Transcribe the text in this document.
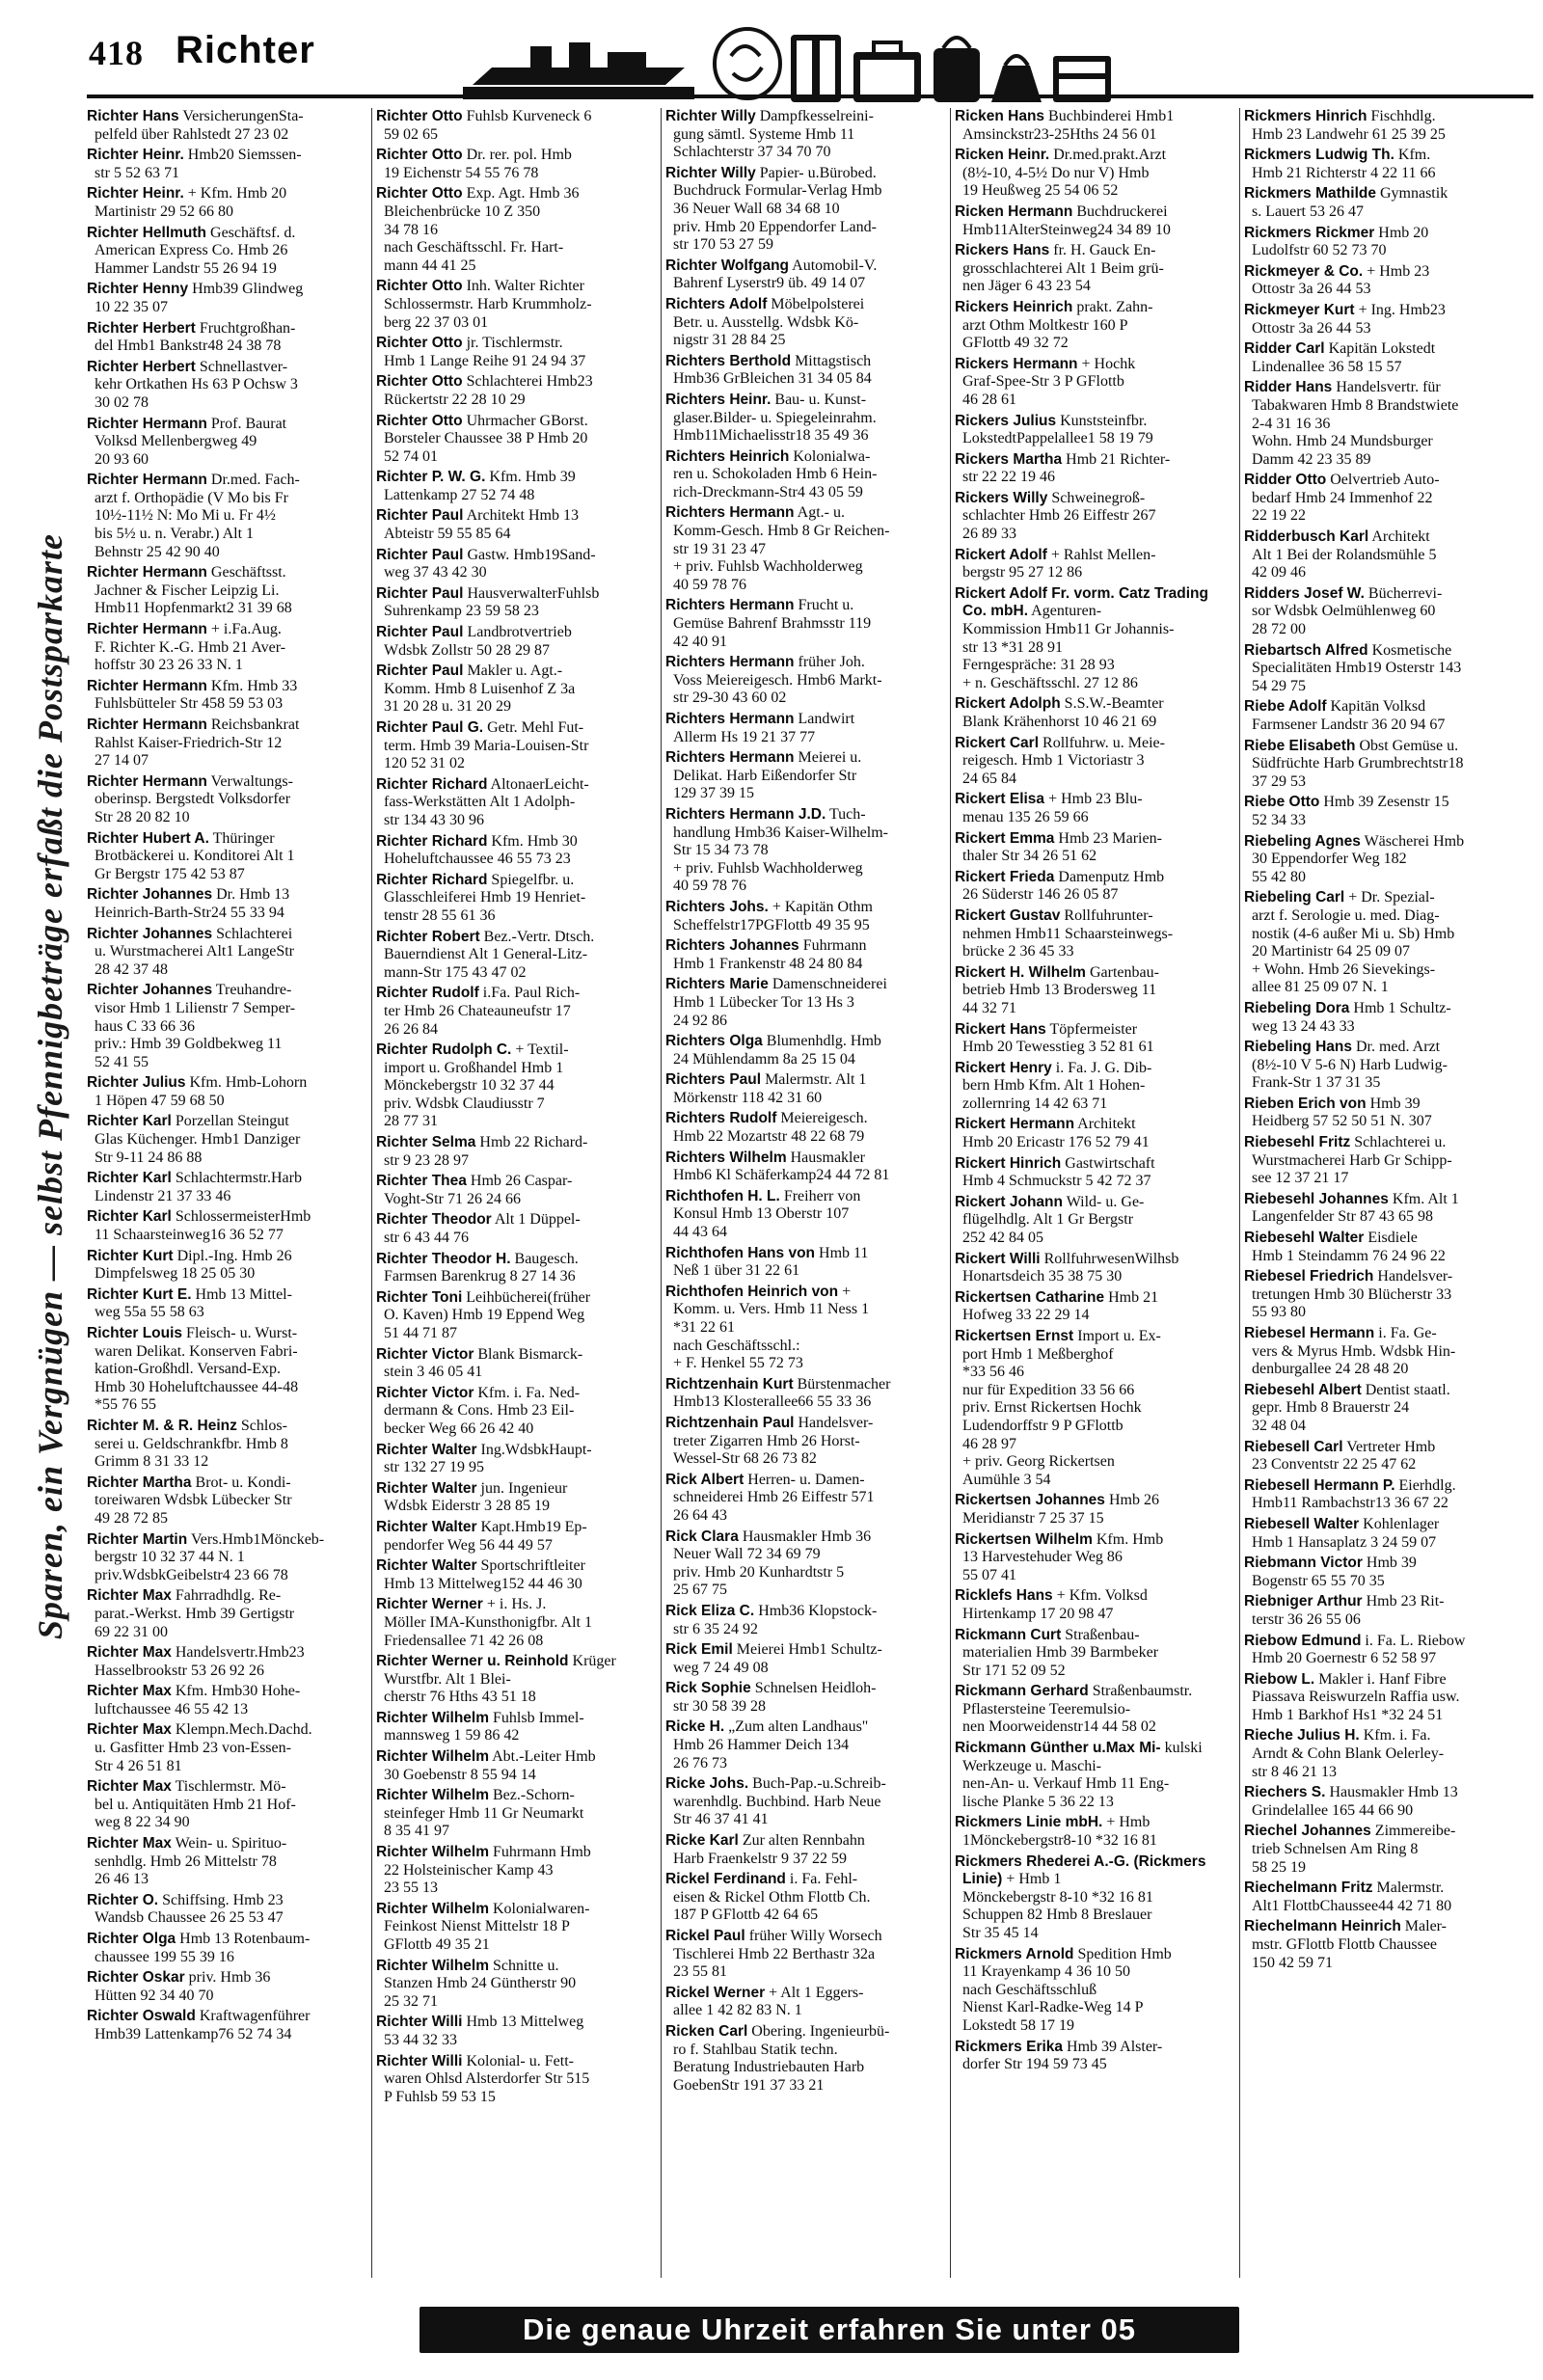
418 Richter
Sparen, ein Vergnügen — selbst Pfennigbeträge erfaßt die Postsparkarte
Richter Hans VersicherungenSta-
pelfeld über Rahlstedt 27 23 02
Richter Heinr. Hmb20 Siemssen-
str 5 52 63 71
Richter Heinr. + Kfm. Hmb 20
Martinistr 29 52 66 80
Richter Hellmuth Geschäftsf. d.
American Express Co. Hmb 26
Hammer Landstr 55 26 94 19
Richter Henny Hmb39 Glindweg
10 22 35 07
Richter Herbert Fruchtgroßhan-
del Hmb1 Bankstr48 24 38 78
Richter Herbert Schnellastver-
kehr Ortkathen Hs 63 P Ochsw 3
30 02 78
Richter Hermann Prof. Baurat
Volksd Mellenbergweg 49
20 93 60
Richter Hermann Dr.med. Fach-
arzt f. Orthopädie (V Mo bis Fr
10½-11½ N: Mo Mi u. Fr 4½
bis 5½ u. n. Verabr.) Alt 1
Behnstr 25 42 90 40
Richter Hermann Geschäftsst.
Jachner & Fischer Leipzig Li.
Hmb11 Hopfenmarkt2 31 39 68
Richter Hermann + i.Fa.Aug.
F. Richter K.-G. Hmb 21 Aver-
hoffstr 30 23 26 33 N. 1
Richter Hermann Kfm. Hmb 33
Fuhlsbütteler Str 458 59 53 03
Richter Hermann Reichsbankrat
Rahlst Kaiser-Friedrich-Str 12
27 14 07
Richter Hermann Verwaltungs-
oberinsp. Bergstedt Volksdorfer
Str 28 20 82 10
Richter Hubert A. Thüringer
Brotbäckerei u. Konditorei Alt 1
Gr Bergstr 175 42 53 87
Richter Johannes Dr. Hmb 13
Heinrich-Barth-Str24 55 33 94
Richter Johannes Schlachterei
u. Wurstmacherei Alt1 LangeStr
28 42 37 48
Richter Johannes Treuhandre-
visor Hmb 1 Lilienstr 7 Semper-
haus C 33 66 36
priv.: Hmb 39 Goldbekweg 11
52 41 55
Richter Julius Kfm. Hmb-Lohorn
1 Höpen 47 59 68 50
Richter Karl Porzellan Steingut
Glas Küchenger. Hmb1 Danziger
Str 9-11 24 86 88
Richter Karl Schlachtermstr.Harb
Lindenstr 21 37 33 46
Richter Karl SchlossermeisterHmb
11 Schaarsteinweg16 36 52 77
Richter Kurt Dipl.-Ing. Hmb 26
Dimpfelsweg 18 25 05 30
Richter Kurt E. Hmb 13 Mittel-
weg 55a 55 58 63
Richter Louis Fleisch- u. Wurst-
waren Delikat. Konserven Fabri-
kation-Großhdl. Versand-Exp.
Hmb 30 Hoheluftchaussee 44-48
*55 76 55
Richter M. & R. Heinz Schlos-
serei u. Geldschrankfbr. Hmb 8
Grimm 8 31 33 12
Richter Martha Brot- u. Kondi-
toreiwaren Wdsbk Lübecker Str
49 28 72 85
Richter Martin Vers.Hmb1Mönckeb-
bergstr 10 32 37 44 N. 1
priv.WdsbkGeibelstr4 23 66 78
Richter Max Fahrradhdlg. Re-
parat.-Werkst. Hmb 39 Gertigstr
69 22 31 00
Richter Max Handelsvertr.Hmb23
Hasselbrookstr 53 26 92 26
Richter Max Kfm. Hmb30 Hohe-
luftchaussee 46 55 42 13
Richter Max Klempn.Mech.Dachd.
u. Gasfitter Hmb 23 von-Essen-
Str 4 26 51 81
Richter Max Tischlermstr. Mö-
bel u. Antiquitäten Hmb 21 Hof-
weg 8 22 34 90
Richter Max Wein- u. Spirituo-
senhdlg. Hmb 26 Mittelstr 78
26 46 13
Richter O. Schiffsing. Hmb 23
Wandsb Chaussee 26 25 53 47
Richter Olga Hmb 13 Rotenbaum-
chaussee 199 55 39 16
Richter Oskar priv. Hmb 36
Hütten 92 34 40 70
Richter Oswald Kraftwagenführer
Hmb39 Lattenkamp76 52 74 34
Richter Otto Fuhlsb Kurveneck 6
59 02 65
Richter Otto Dr. rer. pol. Hmb
19 Eichenstr 54 55 76 78
Richter Otto Exp. Agt. Hmb 36
Bleichenbrücke 10 Z 350
34 78 16
nach Geschäftsschl. Fr. Hart-
mann 44 41 25
Richter Otto Inh. Walter Richter
Schlossermstr. Harb Krummholz-
berg 22 37 03 01
Richter Otto jr. Tischlermstr.
Hmb 1 Lange Reihe 91 24 94 37
Richter Otto Schlachterei Hmb23
Rückertstr 22 28 10 29
Richter Otto Uhrmacher GBorst.
Borsteler Chaussee 38 P Hmb 20
52 74 01
Richter P. W. G. Kfm. Hmb 39
Lattenkamp 27 52 74 48
Richter Paul Architekt Hmb 13
Abteistr 59 55 85 64
Richter Paul Gastw. Hmb19Sand-
weg 37 43 42 30
Richter Paul HausverwalterFuhlsb
Suhrenkamp 23 59 58 23
Richter Paul Landbrotvertrieb
Wdsbk Zollstr 50 28 29 87
Richter Paul Makler u. Agt.-
Komm. Hmb 8 Luisenhof Z 3a
31 20 28 u. 31 20 29
Richter Paul G. Getr. Mehl Fut-
term. Hmb 39 Maria-Louisen-Str
120 52 31 02
Richter Richard AltonaerLeicht-
fass-Werkstätten Alt 1 Adolph-
str 134 43 30 96
Richter Richard Kfm. Hmb 30
Hoheluftchaussee 46 55 73 23
Richter Richard Spiegelfbr. u.
Glasschleiferei Hmb 19 Henriet-
tenstr 28 55 61 36
Richter Robert Bez.-Vertr. Dtsch.
Bauerndienst Alt 1 General-Litz-
mann-Str 175 43 47 02
Richter Rudolf i.Fa. Paul Rich-
ter Hmb 26 Chateauneufstr 17
26 26 84
Richter Rudolph C. + Textil-
import u. Großhandel Hmb 1
Mönckebergstr 10 32 37 44
priv. Wdsbk Claudiusstr 7
28 77 31
Richter Selma Hmb 22 Richard-
str 9 23 28 97
Richter Thea Hmb 26 Caspar-
Voght-Str 71 26 24 66
Richter Theodor Alt 1 Düppel-
str 6 43 44 76
Richter Theodor H. Baugesch.
Farmsen Barenkrug 8 27 14 36
Richter Toni Leihbücherei(früher
O. Kaven) Hmb 19 Eppend Weg
51 44 71 87
Richter Victor Blank Bismarck-
stein 3 46 05 41
Richter Victor Kfm. i. Fa. Ned-
dermann & Cons. Hmb 23 Eil-
becker Weg 66 26 42 40
Richter Walter Ing.WdsbkHaupt-
str 132 27 19 95
Richter Walter jun. Ingenieur
Wdsbk Eiderstr 3 28 85 19
Richter Walter Kapt.Hmb19 Ep-
pendorfer Weg 56 44 49 57
Richter Walter Sportschriftleiter
Hmb 13 Mittelweg152 44 46 30
Richter Werner + i. Hs. J.
Möller IMA-Kunsthonigfbr. Alt 1
Friedensallee 71 42 26 08
Richter Werner u. Reinhold Krüger Wurstfbr. Alt 1 Blei-
cherstr 76 Hths 43 51 18
Richter Wilhelm Fuhlsb Immel-
mannsweg 1 59 86 42
Richter Wilhelm Abt.-Leiter Hmb
30 Goebenstr 8 55 94 14
Richter Wilhelm Bez.-Schorn-
steinfeger Hmb 11 Gr Neumarkt
8 35 41 97
Richter Wilhelm Fuhrmann Hmb
22 Holsteinischer Kamp 43
23 55 13
Richter Wilhelm Kolonialwaren-
Feinkost Nienst Mittelstr 18 P
GFlottb 49 35 21
Richter Wilhelm Schnitte u.
Stanzen Hmb 24 Güntherstr 90
25 32 71
Richter Willi Hmb 13 Mittelweg
53 44 32 33
Richter Willi Kolonial- u. Fett-
waren Ohlsd Alsterdorfer Str 515
P Fuhlsb 59 53 15
Richter Willy Dampfkesselreini-
gung sämtl. Systeme Hmb 11
Schlachterstr 37 34 70 70
Richter Willy Papier- u.Bürobed.
Buchdruck Formular-Verlag Hmb
36 Neuer Wall 68 34 68 10
priv. Hmb 20 Eppendorfer Land-
str 170 53 27 59
Richter Wolfgang Automobil-V.
Bahrenf Lyserstr9 üb. 49 14 07
Richters Adolf Möbelpolsterei
Betr. u. Ausstellg. Wdsbk Kö-
nigstr 31 28 84 25
Richters Berthold Mittagstisch
Hmb36 GrBleichen 31 34 05 84
Richters Heinr. Bau- u. Kunst-
glaser.Bilder- u. Spiegeleinrahm.
Hmb11Michaelisstr18 35 49 36
Richters Heinrich Kolonialwa-
ren u. Schokoladen Hmb 6 Hein-
rich-Dreckmann-Str4 43 05 59
Richters Hermann Agt.- u.
Komm-Gesch. Hmb 8 Gr Reichen-
str 19 31 23 47
+ priv. Fuhlsb Wachholderweg
40 59 78 76
Richters Hermann Frucht u.
Gemüse Bahrenf Brahmsstr 119
42 40 91
Richters Hermann früher Joh.
Voss Meiereigesch. Hmb6 Markt-
str 29-30 43 60 02
Richters Hermann Landwirt
Allerm Hs 19 21 37 77
Richters Hermann Meierei u.
Delikat. Harb Eißendorfer Str
129 37 39 15
Richters Hermann J.D. Tuch-
handlung Hmb36 Kaiser-Wilhelm-
Str 15 34 73 78
+ priv. Fuhlsb Wachholderweg
40 59 78 76
Richters Johs. + Kapitän Othm
Scheffelstr17PGFlottb 49 35 95
Richters Johannes Fuhrmann
Hmb 1 Frankenstr 48 24 80 84
Richters Marie Damenschneiderei
Hmb 1 Lübecker Tor 13 Hs 3
24 92 86
Richters Olga Blumenhdlg. Hmb
24 Mühlendamm 8a 25 15 04
Richters Paul Malermstr. Alt 1
Mörkenstr 118 42 31 60
Richters Rudolf Meiereigesch.
Hmb 22 Mozartstr 48 22 68 79
Richters Wilhelm Hausmakler
Hmb6 Kl Schäferkamp24 44 72 81
Richthofen H. L. Freiherr von
Konsul Hmb 13 Oberstr 107
44 43 64
Richthofen Hans von Hmb 11
Neß 1 über 31 22 61
Richthofen Heinrich von +
Komm. u. Vers. Hmb 11 Ness 1
*31 22 61
nach Geschäftsschl.:
+ F. Henkel 55 72 73
Richtzenhain Kurt Bürstenmacher
Hmb13 Klosterallee66 55 33 36
Richtzenhain Paul Handelsver-
treter Zigarren Hmb 26 Horst-
Wessel-Str 68 26 73 82
Rick Albert Herren- u. Damen-
schneiderei Hmb 26 Eiffestr 571
26 64 43
Rick Clara Hausmakler Hmb 36
Neuer Wall 72 34 69 79
priv. Hmb 20 Kunhardtstr 5
25 67 75
Rick Eliza C. Hmb36 Klopstock-
str 6 35 24 92
Rick Emil Meierei Hmb1 Schultz-
weg 7 24 49 08
Rick Sophie Schnelsen Heidloh-
str 30 58 39 28
Ricke H. „Zum alten Landhaus"
Hmb 26 Hammer Deich 134
26 76 73
Ricke Johs. Buch-Pap.-u.Schreib-
warenhdlg. Buchbind. Harb Neue
Str 46 37 41 41
Ricke Karl Zur alten Rennbahn
Harb Fraenkelstr 9 37 22 59
Rickel Ferdinand i. Fa. Fehl-
eisen & Rickel Othm Flottb Ch.
187 P GFlottb 42 64 65
Rickel Paul früher Willy Worsech
Tischlerei Hmb 22 Berthastr 32a
23 55 81
Rickel Werner + Alt 1 Eggers-
allee 1 42 82 83 N. 1
Ricken Carl Obering. Ingenieurbü-
ro f. Stahlbau Statik techn.
Beratung Industriebauten Harb
GoebenStr 191 37 33 21
Ricken Hans Buchbinderei Hmb1
Amsinckstr23-25Hths 24 56 01
Ricken Heinr. Dr.med.prakt.Arzt
(8½-10, 4-5½ Do nur V) Hmb
19 Heußweg 25 54 06 52
Ricken Hermann Buchdruckerei
Hmb11AlterSteinweg24 34 89 10
Rickers Hans fr. H. Gauck En-
grosschlachterei Alt 1 Beim grü-
nen Jäger 6 43 23 54
Rickers Heinrich prakt. Zahn-
arzt Othm Moltkestr 160 P
GFlottb 49 32 72
Rickers Hermann + Hochk
Graf-Spee-Str 3 P GFlottb
46 28 61
Rickers Julius Kunststeinfbr.
LokstedtPappelallee1 58 19 79
Rickers Martha Hmb 21 Richter-
str 22 22 19 46
Rickers Willy Schweinegroß-
schlachter Hmb 26 Eiffestr 267
26 89 33
Rickert Adolf + Rahlst Mellen-
bergstr 95 27 12 86
Rickert Adolf Fr. vorm. Catz Trading Co. mbH. Agenturen-
Kommission Hmb11 Gr Johannis-
str 13 *31 28 91
Ferngespräche: 31 28 93
+ n. Geschäftsschl. 27 12 86
Rickert Adolph S.S.W.-Beamter
Blank Krähenhorst 10 46 21 69
Rickert Carl Rollfuhrw. u. Meie-
reigesch. Hmb 1 Victoriastr 3
24 65 84
Rickert Elisa + Hmb 23 Blu-
menau 135 26 59 66
Rickert Emma Hmb 23 Marien-
thaler Str 34 26 51 62
Rickert Frieda Damenputz Hmb
26 Süderstr 146 26 05 87
Rickert Gustav Rollfuhrunter-
nehmen Hmb11 Schaarsteinwegs-
brücke 2 36 45 33
Rickert H. Wilhelm Gartenbau-
betrieb Hmb 13 Brodersweg 11
44 32 71
Rickert Hans Töpfermeister
Hmb 20 Tewesstieg 3 52 81 61
Rickert Henry i. Fa. J. G. Dib-
bern Hmb Kfm. Alt 1 Hohen-
zollernring 14 42 63 71
Rickert Hermann Architekt
Hmb 20 Ericastr 176 52 79 41
Rickert Hinrich Gastwirtschaft
Hmb 4 Schmuckstr 5 42 72 37
Rickert Johann Wild- u. Ge-
flügelhdlg. Alt 1 Gr Bergstr
252 42 84 05
Rickert Willi RollfuhrwesenWilhsb
Honartsdeich 35 38 75 30
Rickertsen Catharine Hmb 21
Hofweg 33 22 29 14
Rickertsen Ernst Import u. Ex-
port Hmb 1 Meßberghof
*33 56 46
nur für Expedition 33 56 66
priv. Ernst Rickertsen Hochk
Ludendorffstr 9 P GFlottb
46 28 97
+ priv. Georg Rickertsen
Aumühle 3 54
Rickertsen Johannes Hmb 26
Meridianstr 7 25 37 15
Rickertsen Wilhelm Kfm. Hmb
13 Harvestehuder Weg 86
55 07 41
Ricklefs Hans + Kfm. Volksd
Hirtenkamp 17 20 98 47
Rickmann Curt Straßenbau-
materialien Hmb 39 Barmbeker
Str 171 52 09 52
Rickmann Gerhard Straßenbaumstr.
Pflastersteine Teeremulsio-
nen Moorweidenstr14 44 58 02
Rickmann Günther u.Max Mi- kulski Werkzeuge u. Maschi-
nen-An- u. Verkauf Hmb 11 Eng-
lische Planke 5 36 22 13
Rickmers Linie mbH. + Hmb
1Mönckebergstr8-10 *32 16 81
Rickmers Rhederei A.-G. (Rickmers Linie) + Hmb 1
Mönckebergstr 8-10 *32 16 81
Schuppen 82 Hmb 8 Breslauer
Str 35 45 14
Rickmers Arnold Spedition Hmb
11 Krayenkamp 4 36 10 50
nach Geschäftsschluß
Nienst Karl-Radke-Weg 14 P
Lokstedt 58 17 19
Rickmers Erika Hmb 39 Alster-
dorfer Str 194 59 73 45
Rickmers Hinrich Fischhdlg.
Hmb 23 Landwehr 61 25 39 25
Rickmers Ludwig Th. Kfm.
Hmb 21 Richterstr 4 22 11 66
Rickmers Mathilde Gymnastik
s. Lauert 53 26 47
Rickmers Rickmer Hmb 20
Ludolfstr 60 52 73 70
Rickmeyer & Co. + Hmb 23
Ottostr 3a 26 44 53
Rickmeyer Kurt + Ing. Hmb23
Ottostr 3a 26 44 53
Ridder Carl Kapitän Lokstedt
Lindenallee 36 58 15 57
Ridder Hans Handelsvertr. für
Tabakwaren Hmb 8 Brandstwiete
2-4 31 16 36
Wohn. Hmb 24 Mundsburger
Damm 42 23 35 89
Ridder Otto Oelvertrieb Auto-
bedarf Hmb 24 Immenhof 22
22 19 22
Ridderbusch Karl Architekt
Alt 1 Bei der Rolandsmühle 5
42 09 46
Ridders Josef W. Bücherrevi-
sor Wdsbk Oelmühlenweg 60
28 72 00
Riebartsch Alfred Kosmetische
Specialitäten Hmb19 Osterstr 143
54 29 75
Riebe Adolf Kapitän Volksd
Farmsener Landstr 36 20 94 67
Riebe Elisabeth Obst Gemüse u.
Südfrüchte Harb Grumbrechtstr18
37 29 53
Riebe Otto Hmb 39 Zesenstr 15
52 34 33
Riebeling Agnes Wäscherei Hmb
30 Eppendorfer Weg 182
55 42 80
Riebeling Carl + Dr. Spezial-
arzt f. Serologie u. med. Diag-
nostik (4-6 außer Mi u. Sb) Hmb
20 Martinistr 64 25 09 07
+ Wohn. Hmb 26 Sievekings-
allee 81 25 09 07 N. 1
Riebeling Dora Hmb 1 Schultz-
weg 13 24 43 33
Riebeling Hans Dr. med. Arzt
(8½-10 V 5-6 N) Harb Ludwig-
Frank-Str 1 37 31 35
Rieben Erich von Hmb 39
Heidberg 57 52 50 51 N. 307
Riebesehl Fritz Schlachterei u.
Wurstmacherei Harb Gr Schipp-
see 12 37 21 17
Riebesehl Johannes Kfm. Alt 1
Langenfelder Str 87 43 65 98
Riebesehl Walter Eisdiele
Hmb 1 Steindamm 76 24 96 22
Riebesel Friedrich Handelsver-
tretungen Hmb 30 Blücherstr 33
55 93 80
Riebesel Hermann i. Fa. Ge-
vers & Myrus Hmb. Wdsbk Hin-
denburgallee 24 28 48 20
Riebesehl Albert Dentist staatl.
gepr. Hmb 8 Brauerstr 24
32 48 04
Riebesell Carl Vertreter Hmb
23 Conventstr 22 25 47 62
Riebesell Hermann P. Eierhdlg.
Hmb11 Rambachstr13 36 67 22
Riebesell Walter Kohlenlager
Hmb 1 Hansaplatz 3 24 59 07
Riebmann Victor Hmb 39
Bogenstr 65 55 70 35
Riebniger Arthur Hmb 23 Rit-
terstr 36 26 55 06
Riebow Edmund i. Fa. L. Riebow
Hmb 20 Goernestr 6 52 58 97
Riebow L. Makler i. Hanf Fibre
Piassava Reiswurzeln Raffia usw.
Hmb 1 Barkhof Hs1 *32 24 51
Rieche Julius H. Kfm. i. Fa.
Arndt & Cohn Blank Oelerley-
str 8 46 21 13
Riechers S. Hausmakler Hmb 13
Grindelallee 165 44 66 90
Riechel Johannes Zimmereibe-
trieb Schnelsen Am Ring 8
58 25 19
Riechelmann Fritz Malermstr.
Alt1 FlottbChaussee44 42 71 80
Riechelmann Heinrich Maler-
mstr. GFlottb Flottb Chaussee
150 42 59 71
Die genaue Uhrzeit erfahren Sie unter 05
